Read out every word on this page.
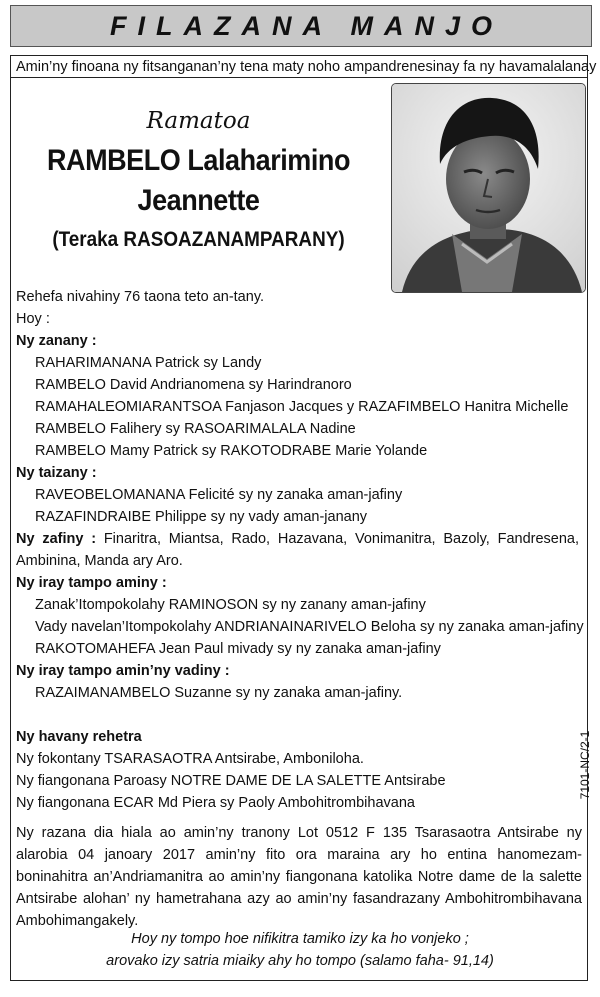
FILAZANA MANJO
Amin’ny finoana ny fitsanganan’ny tena maty noho ampandrenesinay fa ny havamalalanay
Ramatoa
RAMBELO Lalaharimino
Jeannette
(Teraka RASOAZANAMPARANY)
Rehefa nivahiny 76 taona teto an-tany.
Hoy :
Ny zanany :
RAHARIMANANA Patrick sy Landy
RAMBELO David Andrianomena sy Harindranoro
RAMAHALEOMIARANTSOA Fanjason Jacques y RAZAFIMBELO Hanitra Michelle
RAMBELO Falihery sy RASOARIMALALA Nadine
RAMBELO Mamy Patrick sy RAKOTODRABE Marie Yolande
Ny taizany :
RAVEOBELOMANANA Felicité sy ny zanaka aman-jafiny
RAZAFINDRAIBE Philippe sy ny vady aman-janany
Ny zafiny : Finaritra, Miantsa, Rado, Hazavana, Vonimanitra, Bazoly, Fandresena, Ambinina, Manda ary Aro.
Ny iray tampo aminy :
Zanak’Itompokolahy RAMINOSON sy ny zanany aman-jafiny
Vady navelan’Itompokolahy ANDRIANAINARIVELO Beloha sy ny zanaka aman-jafiny
RAKOTOMAHEFA Jean Paul mivady sy ny zanaka aman-jafiny
Ny iray tampo amin’ny vadiny :
RAZAIMANAMBELO Suzanne sy ny zanaka aman-jafiny.
Ny havany rehetra
Ny fokontany TSARASAOTRA Antsirabe, Amboniloha.
Ny fiangonana Paroasy NOTRE DAME DE LA SALETTE Antsirabe
Ny fiangonana ECAR Md Piera sy Paoly Ambohitrombihavana
Ny razana dia hiala ao amin’ny tranony Lot 0512 F 135 Tsarasaotra Antsirabe ny alarobia 04 janoary 2017 amin’ny fito ora maraina ary ho entina hanomezam-boninahitra an’Andriamanitra ao amin’ny fiangonana katolika Notre dame de la salette Antsirabe alohan’ ny hametrahana azy ao amin’ny fasandrazany Ambohitrombihavana Ambohimangakely.
Hoy ny tompo hoe nifikitra tamiko izy ka ho vonjeko ;
arovako izy satria miaiky ahy ho tompo (salamo faha- 91,14)
7101-NC/2-1
